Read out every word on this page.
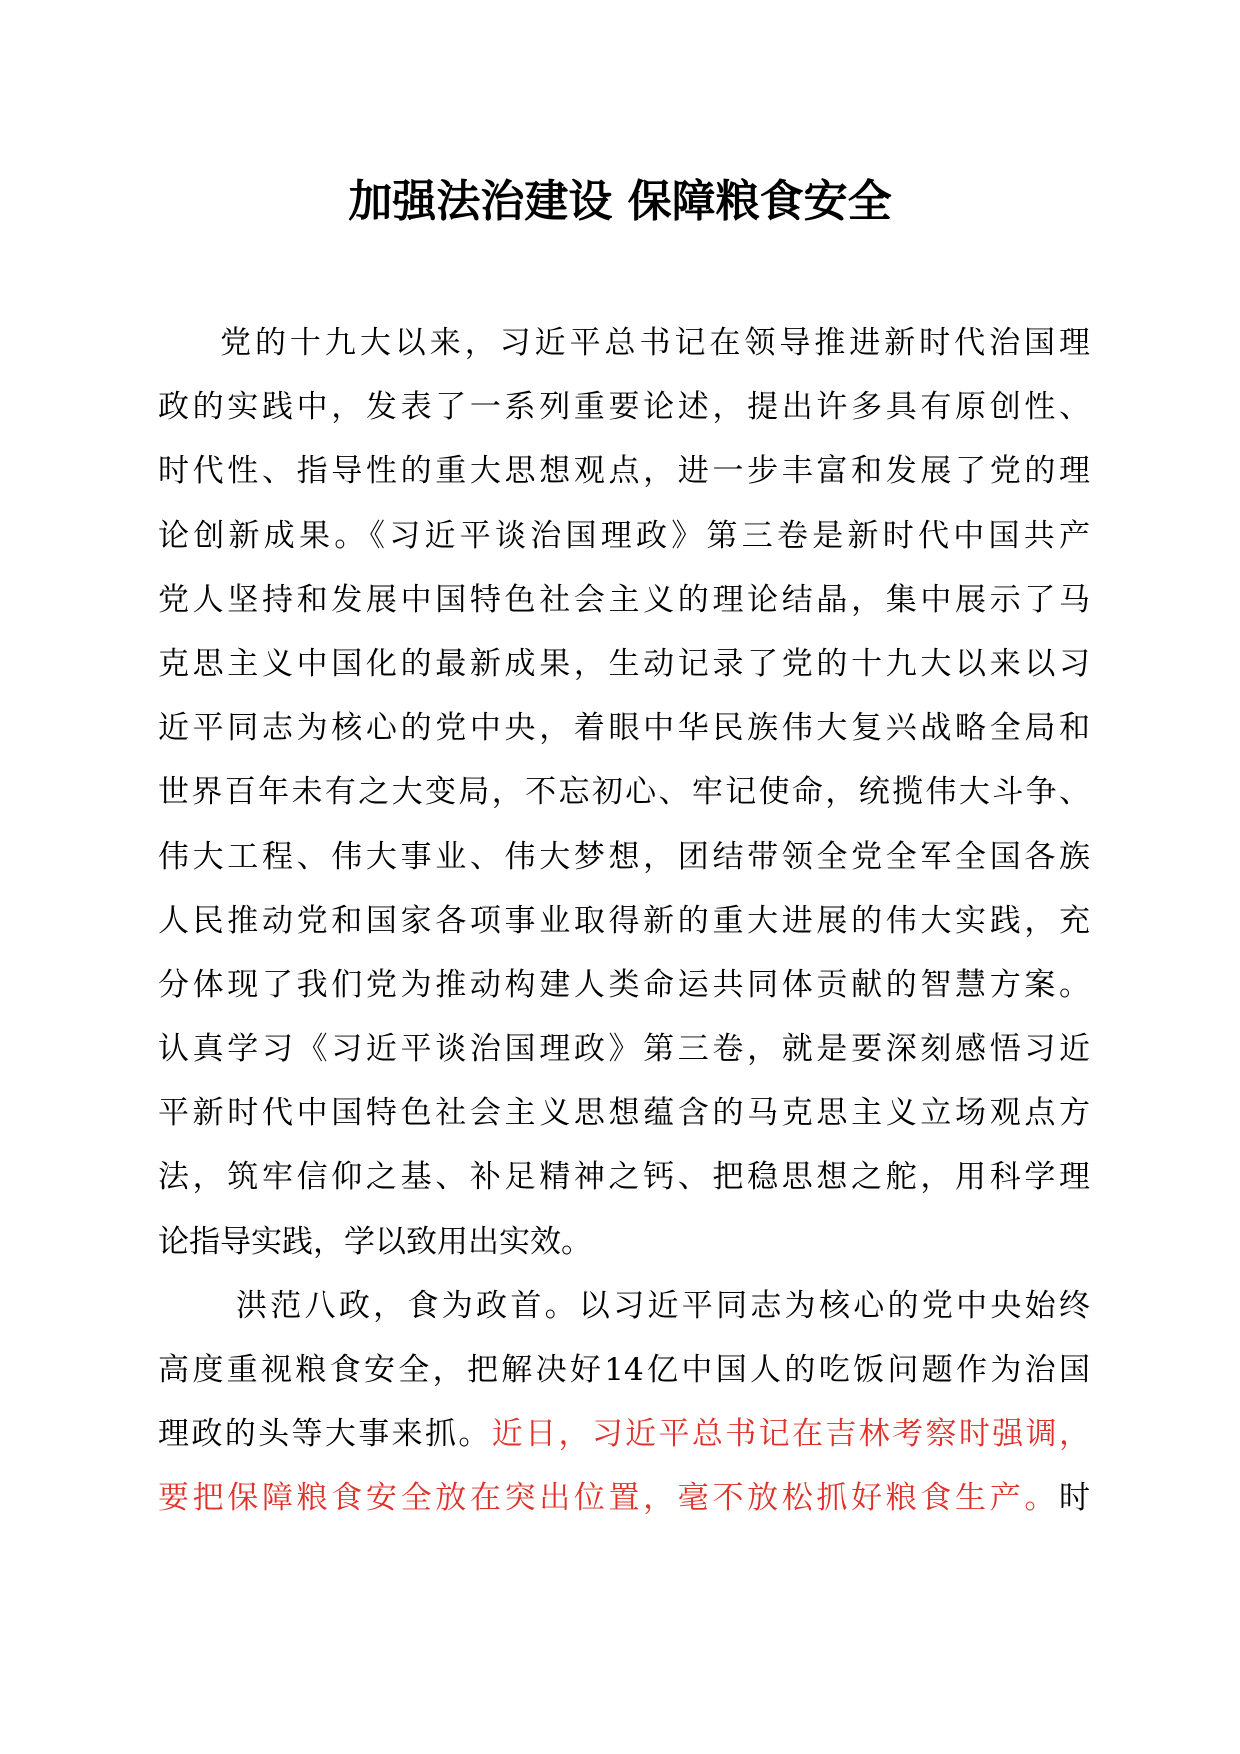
加强法治建设 保障粮食安全
党的十九大以来，习近平总书记在领导推进新时代治国理
政的实践中，发表了一系列重要论述，提出许多具有原创性、
时代性、指导性的重大思想观点，进一步丰富和发展了党的理
论创新成果。《习近平谈治国理政》第三卷是新时代中国共产
党人坚持和发展中国特色社会主义的理论结晶，集中展示了马
克思主义中国化的最新成果，生动记录了党的十九大以来以习
近平同志为核心的党中央，着眼中华民族伟大复兴战略全局和
世界百年未有之大变局，不忘初心、牢记使命，统揽伟大斗争、
伟大工程、伟大事业、伟大梦想，团结带领全党全军全国各族
人民推动党和国家各项事业取得新的重大进展的伟大实践，充
分体现了我们党为推动构建人类命运共同体贡献的智慧方案。
认真学习《习近平谈治国理政》第三卷，就是要深刻感悟习近
平新时代中国特色社会主义思想蕴含的马克思主义立场观点方
法，筑牢信仰之基、补足精神之钙、把稳思想之舵，用科学理
论指导实践，学以致用出实效。
洪范八政，食为政首。以习近平同志为核心的党中央始终
高度重视粮食安全，把解决好14亿中国人的吃饭问题作为治国
理政的头等大事来抓。近日，习近平总书记在吉林考察时强调，
要把保障粮食安全放在突出位置，毫不放松抓好粮食生产。时
